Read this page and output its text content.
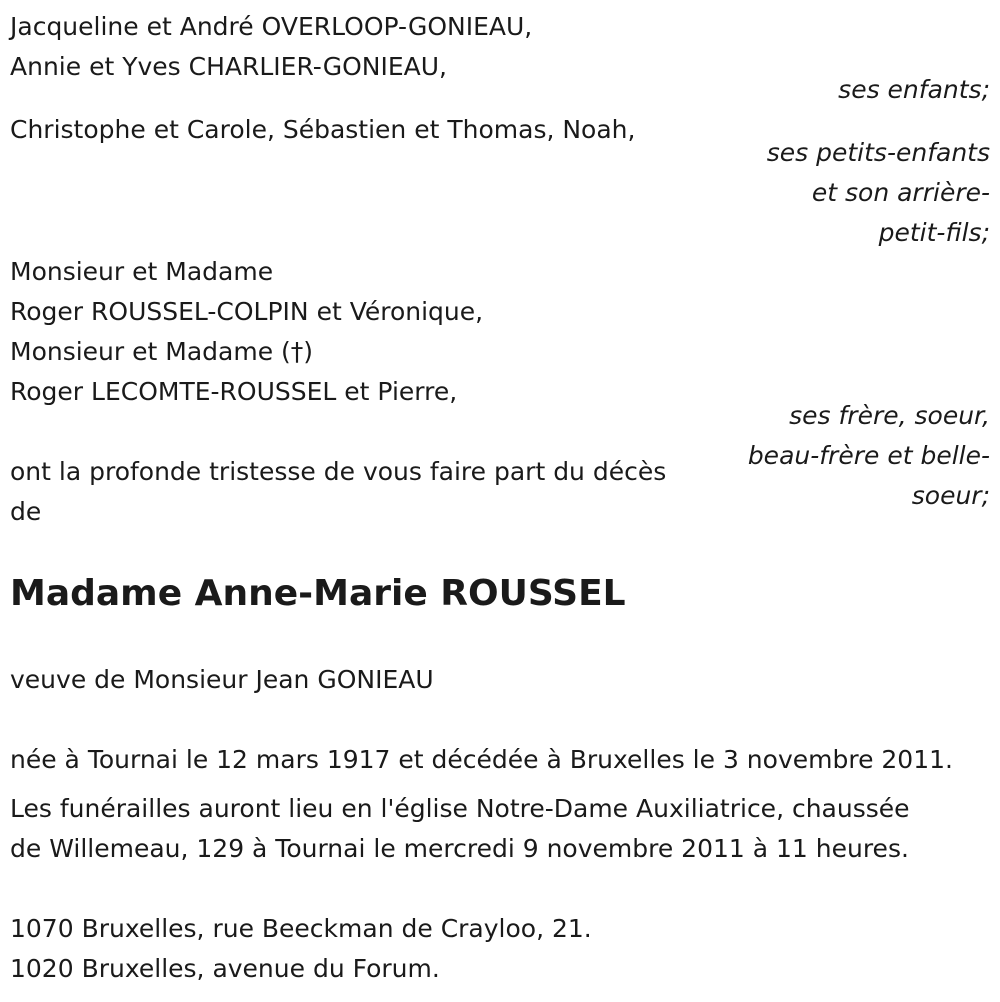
Jacqueline et André OVERLOOP-GONIEAU,
Annie et Yves CHARLIER-GONIEAU,
ses enfants;
Christophe et Carole, Sébastien et Thomas, Noah,
ses petits-enfants
et son arrière-
petit-fils;
Monsieur et Madame
Roger ROUSSEL-COLPIN et Véronique,
Monsieur et Madame (†)
Roger LECOMTE-ROUSSEL et Pierre,
ses frère, soeur,
beau-frère et belle-
soeur;
ont la profonde tristesse de vous faire part du décès
de
Madame Anne-Marie ROUSSEL
veuve de Monsieur Jean GONIEAU
née à Tournai le 12 mars 1917 et décédée à Bruxelles le 3 novembre 2011.
Les funérailles auront lieu en l'église Notre-Dame Auxiliatrice, chaussée
de Willemeau, 129 à Tournai le mercredi 9 novembre 2011 à 11 heures.
1070 Bruxelles, rue Beeckman de Crayloo, 21.
1020 Bruxelles, avenue du Forum.
